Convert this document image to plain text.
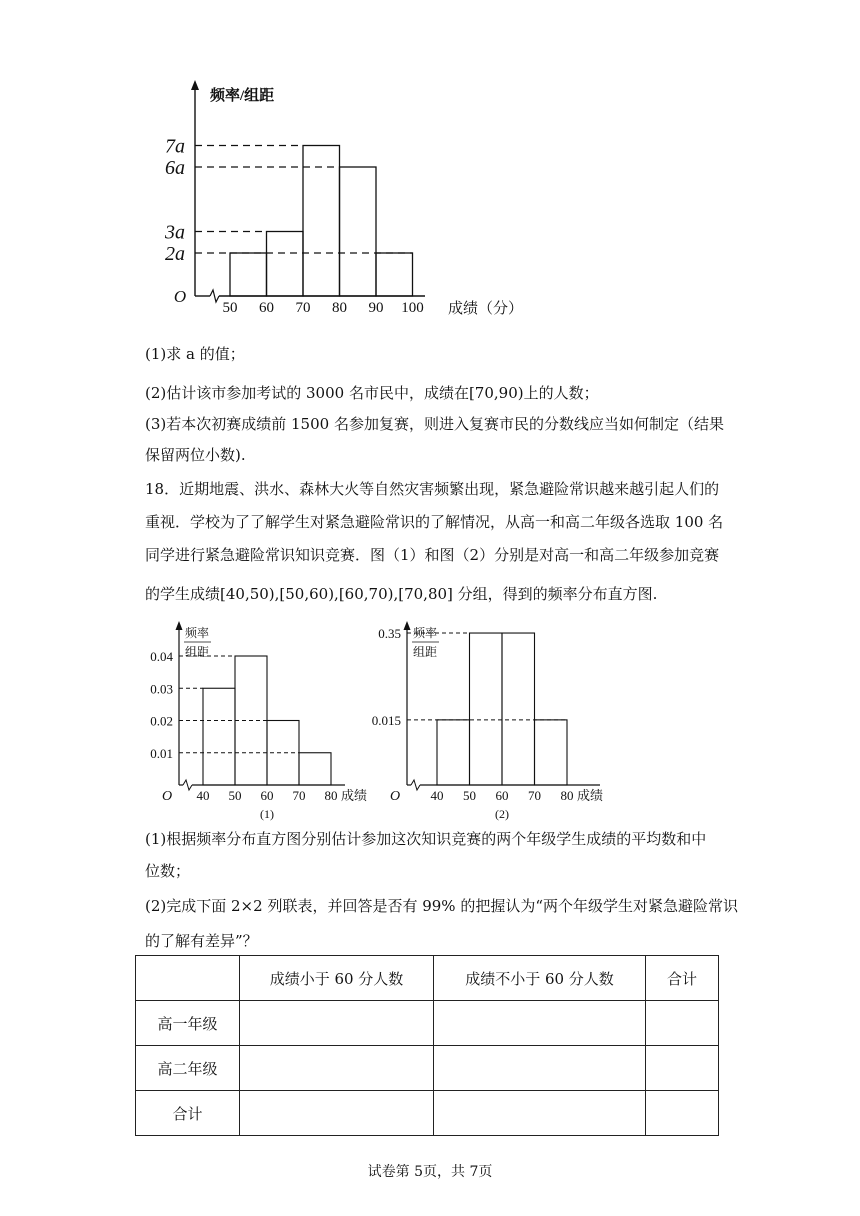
7a
6a
3a
2a
50 60 70 80 90 100
O
成绩（分）
频率/组距
(1)求 a 的值；
(2)估计该市参加考试的 3000 名市民中，成绩在[70,90)上的人数；
(3)若本次初赛成绩前 1500 名参加复赛，则进入复赛市民的分数线应当如何制定（结果
保留两位小数).
18．近期地震、洪水、森林大火等自然灾害频繁出现，紧急避险常识越来越引起人们的
重视．学校为了了解学生对紧急避险常识的了解情况，从高一和高二年级各选取 100 名
同学进行紧急避险常识知识竞赛．图（1）和图（2）分别是对高一和高二年级参加竞赛
的学生成绩[40,50),[50,60),[60,70),[70,80] 分组，得到的频率分布直方图.
0.04
0.03
0.02
0.01
40 50 60 70 80
O	成绩
(1)
频率
组距
0.35
0.015
40 50 60 70 80
O	成绩
(2)
频率
组距
(1)根据频率分布直方图分别估计参加这次知识竞赛的两个年级学生成绩的平均数和中
位数；
(2)完成下面 2×2 列联表，并回答是否有 99% 的把握认为“两个年级学生对紧急避险常识
的了解有差异”？
	成绩小于 60 分人数	成绩不小于 60 分人数	合计
高一年级			
高二年级			
合计			
试卷第 5页，共 7页
